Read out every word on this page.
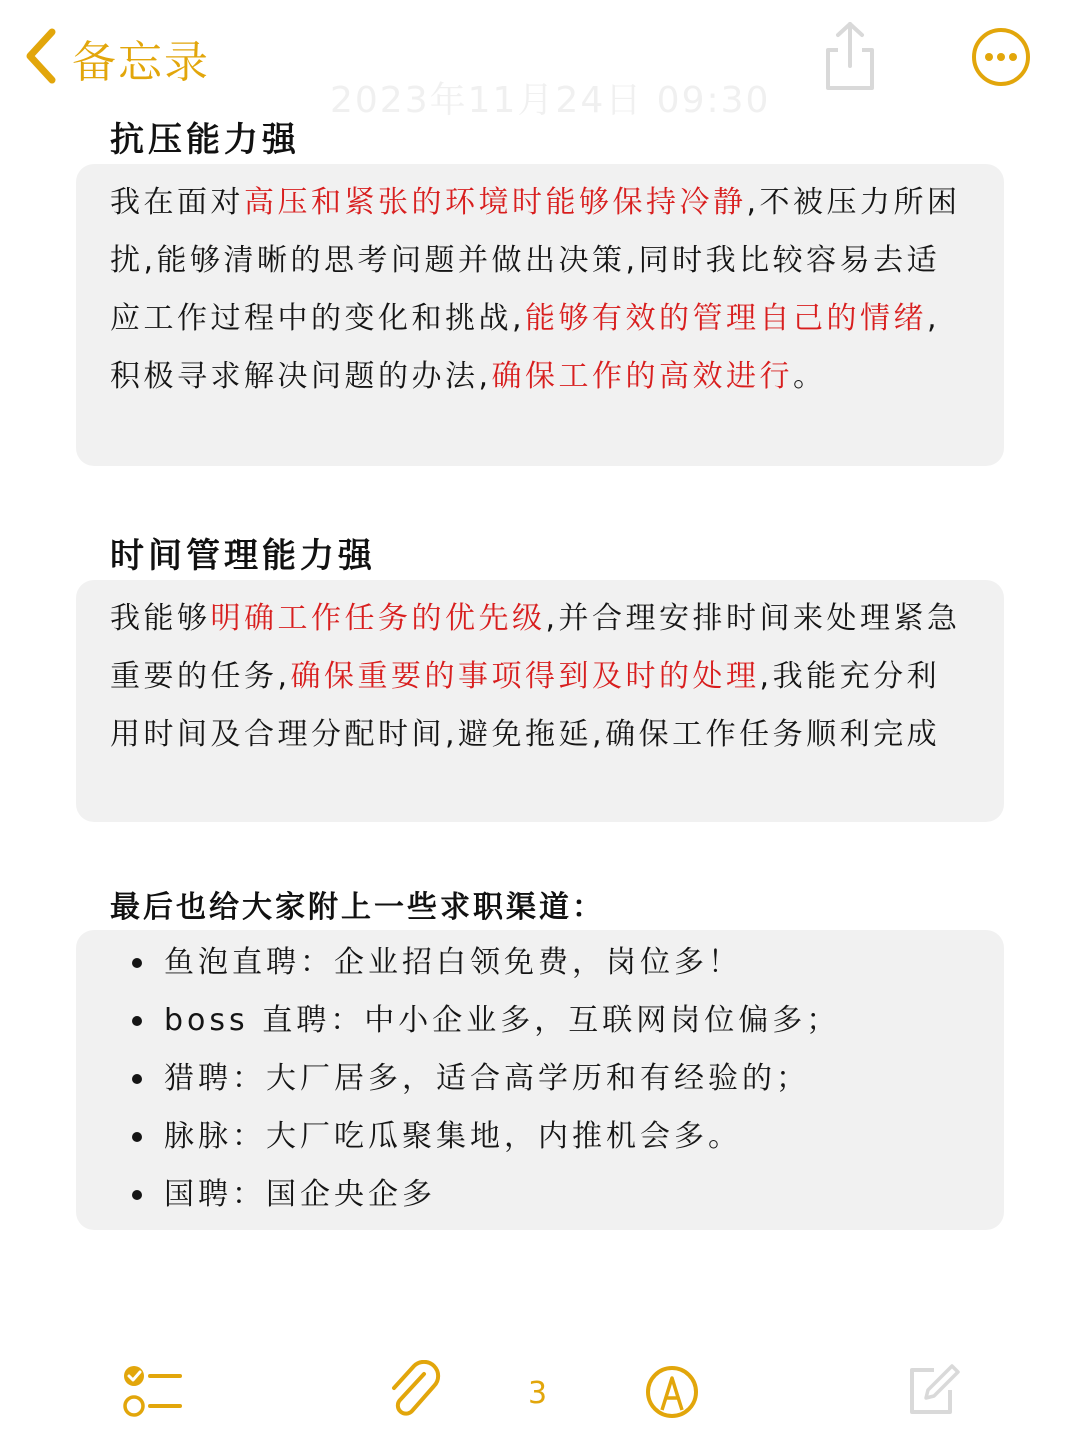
备忘录
2023年11月24日 09:30
抗压能力强
我在面对高压和紧张的环境时能够保持冷静,不被压力所困扰,能够清晰的思考问题并做出决策,同时我比较容易去适应工作过程中的变化和挑战,能够有效的管理自己的情绪,积极寻求解决问题的办法,确保工作的高效进行。
时间管理能力强
我能够明确工作任务的优先级,并合理安排时间来处理紧急重要的任务,确保重要的事项得到及时的处理,我能充分利用时间及合理分配时间,避免拖延,确保工作任务顺利完成
最后也给大家附上一些求职渠道：
鱼泡直聘：企业招白领免费，岗位多！
boss 直聘：中小企业多，互联网岗位偏多；
猎聘：大厂居多，适合高学历和有经验的；
脉脉：大厂吃瓜聚集地，内推机会多。
国聘：国企央企多
3
